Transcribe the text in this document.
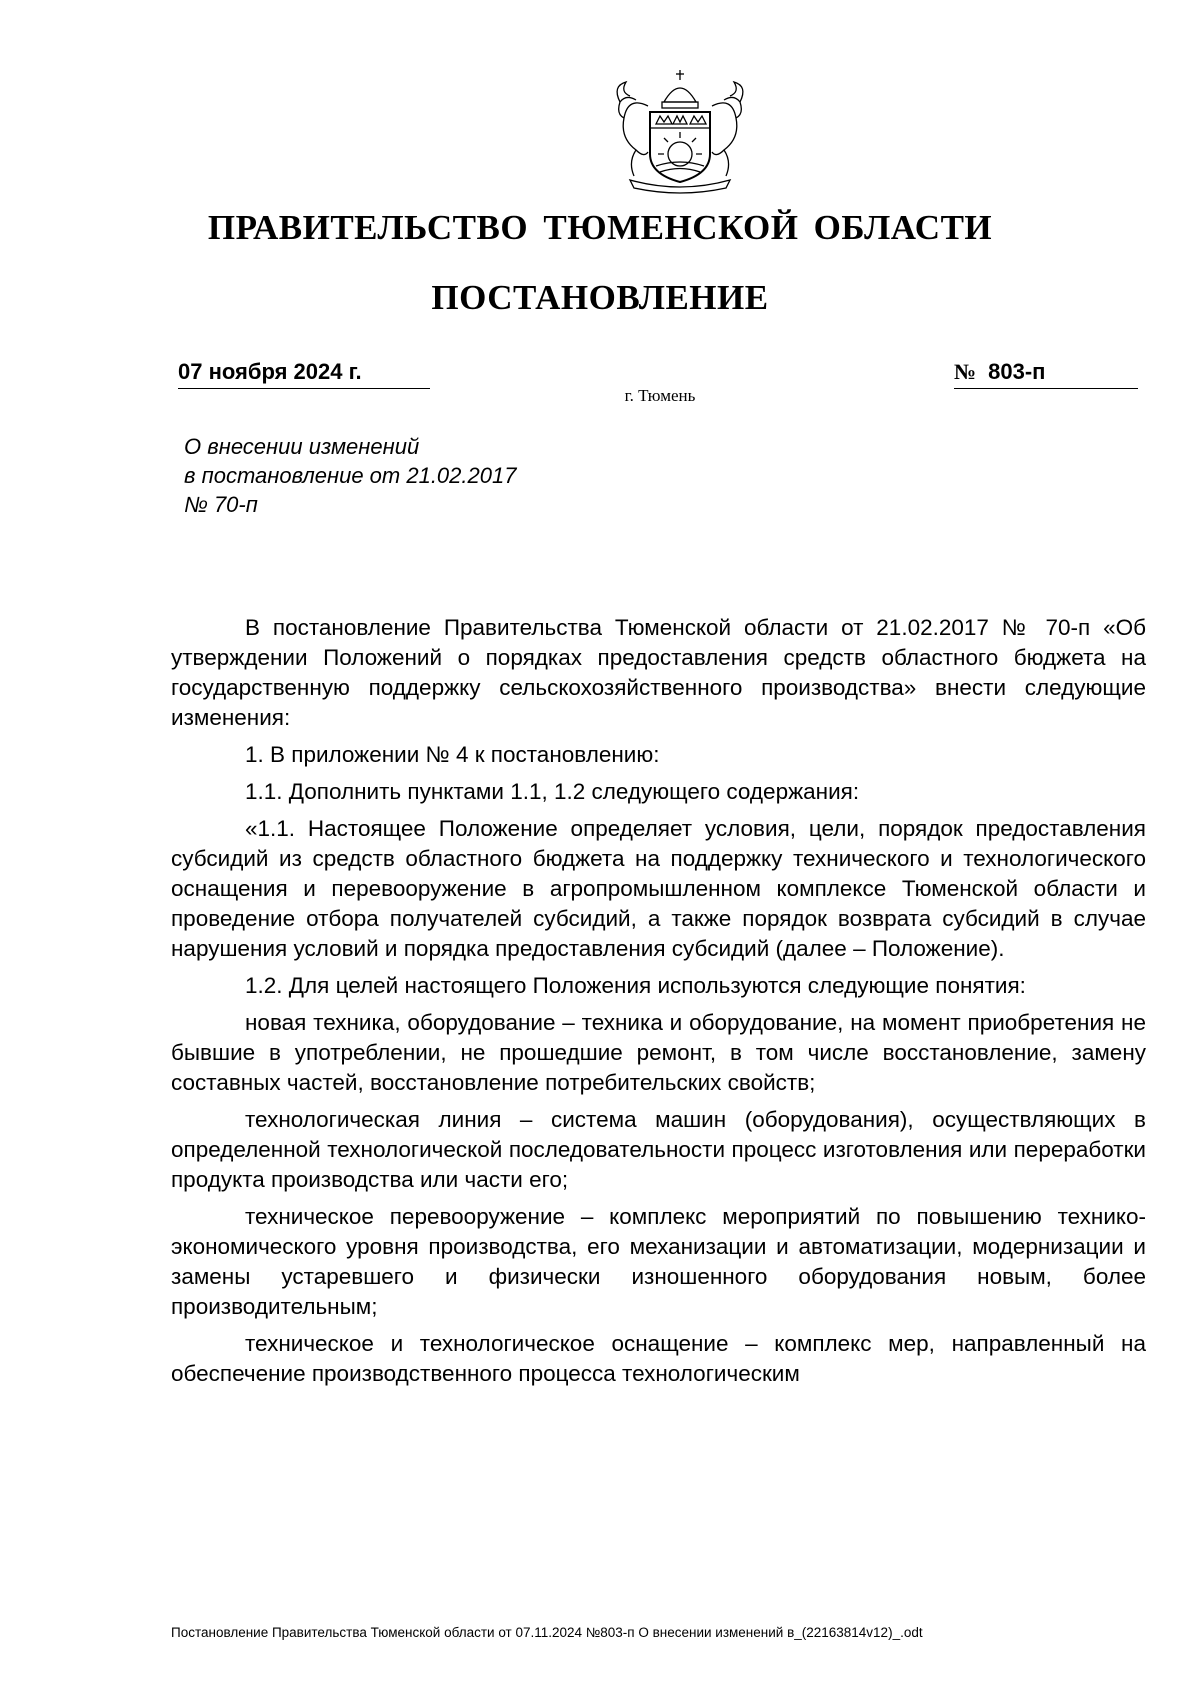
ПРАВИТЕЛЬСТВО ТЮМЕНСКОЙ ОБЛАСТИ
ПОСТАНОВЛЕНИЕ
07 ноября 2024 г.	№ 803-п
г. Тюмень
О внесении изменений
в постановление от 21.02.2017
№ 70-п

В постановление Правительства Тюменской области от 21.02.2017 № 70-п «Об утверждении Положений о порядках предоставления средств областного бюджета на государственную поддержку сельскохозяйственного производства» внести следующие изменения:

1. В приложении № 4 к постановлению:

1.1. Дополнить пунктами 1.1, 1.2 следующего содержания:

«1.1. Настоящее Положение определяет условия, цели, порядок предоставления субсидий из средств областного бюджета на поддержку технического и технологического оснащения и перевооружение в агропромышленном комплексе Тюменской области и проведение отбора получателей субсидий, а также порядок возврата субсидий в случае нарушения условий и порядка предоставления субсидий (далее – Положение).

1.2. Для целей настоящего Положения используются следующие понятия:

новая техника, оборудование – техника и оборудование, на момент приобретения не бывшие в употреблении, не прошедшие ремонт, в том числе восстановление, замену составных частей, восстановление потребительских свойств;

технологическая линия – система машин (оборудования), осуществляющих в определенной технологической последовательности процесс изготовления или переработки продукта производства или части его;

техническое перевооружение – комплекс мероприятий по повышению технико-экономического уровня производства, его механизации и автоматизации, модернизации и замены устаревшего и физически изношенного оборудования новым, более производительным;

техническое и технологическое оснащение – комплекс мер, направленный на обеспечение производственного процесса технологическим

Постановление Правительства Тюменской области от 07.11.2024 №803-п О внесении изменений в_(22163814v12)_.odt
